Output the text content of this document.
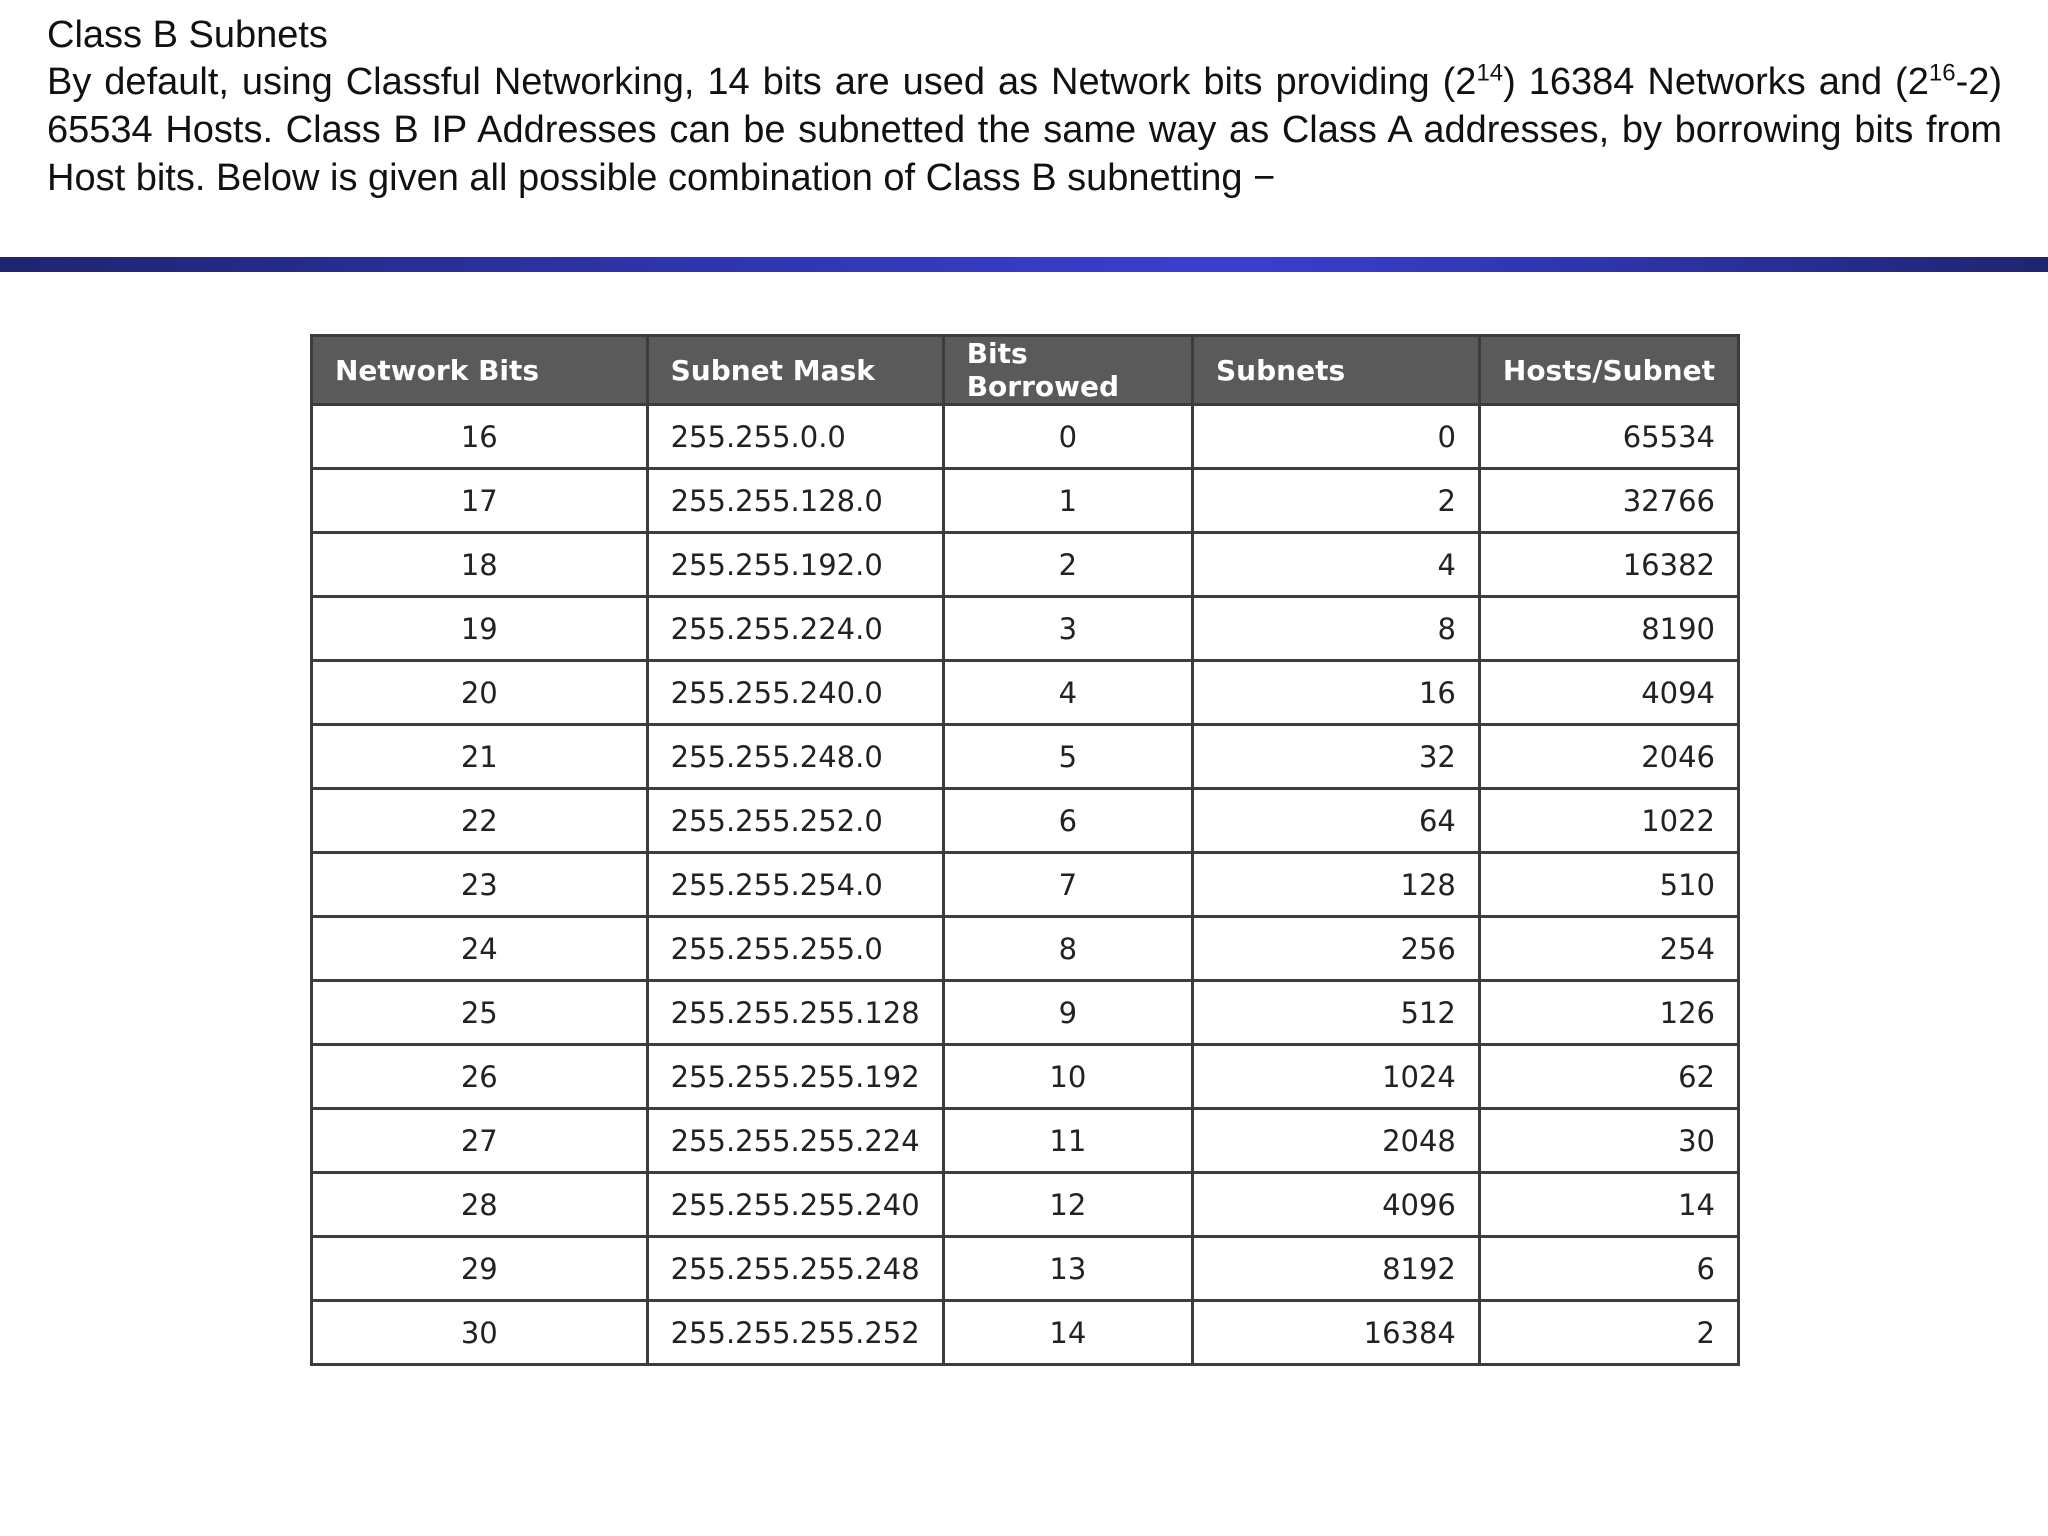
Class B Subnets

By default, using Classful Networking, 14 bits are used as Network bits providing $(2^{14})$ 16384 Networks and $(2^{16}-2)$ 65534 Hosts. Class B IP Addresses can be subnetted the same way as Class A addresses, by borrowing bits from Host bits. Below is given all possible combination of Class B subnetting −

Network Bits	Subnet Mask	Bits Borrowed	Subnets	Hosts/Subnet
16	255.255.0.0	0	0	65534
17	255.255.128.0	1	2	32766
18	255.255.192.0	2	4	16382
19	255.255.224.0	3	8	8190
20	255.255.240.0	4	16	4094
21	255.255.248.0	5	32	2046
22	255.255.252.0	6	64	1022
23	255.255.254.0	7	128	510
24	255.255.255.0	8	256	254
25	255.255.255.128	9	512	126
26	255.255.255.192	10	1024	62
27	255.255.255.224	11	2048	30
28	255.255.255.240	12	4096	14
29	255.255.255.248	13	8192	6
30	255.255.255.252	14	16384	2
